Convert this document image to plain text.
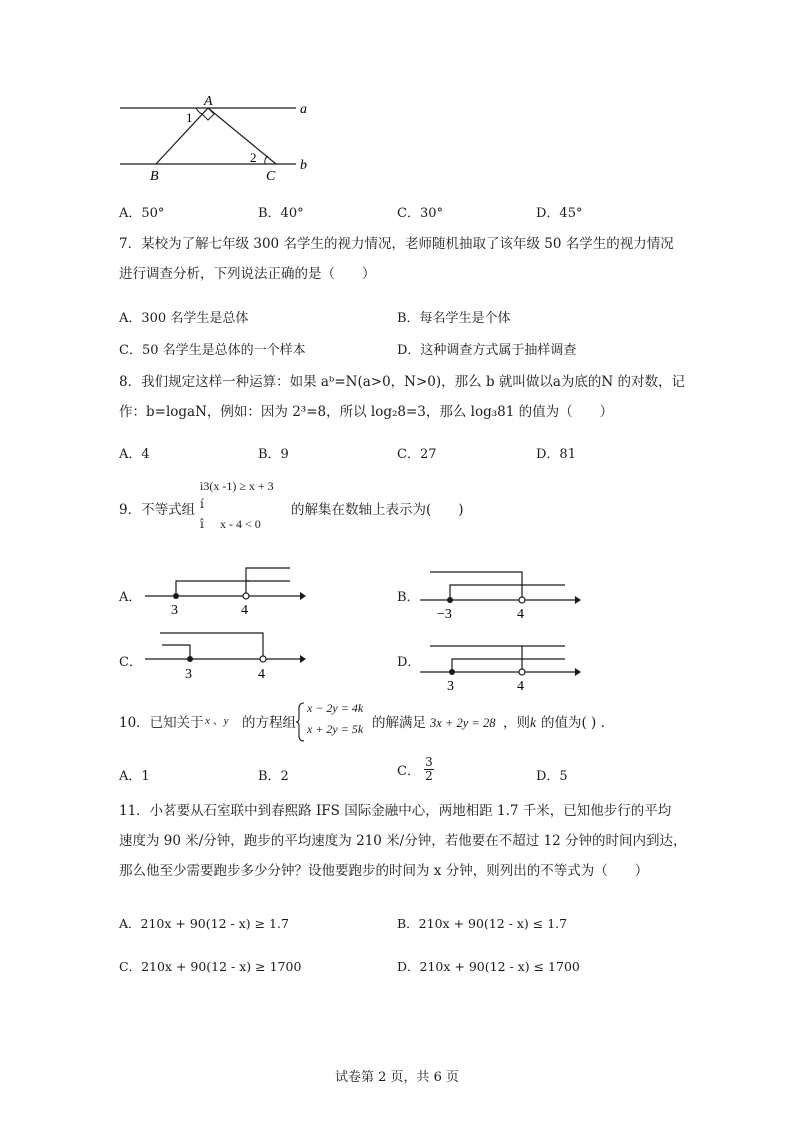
A
B	C
a
b
1
2
A．50°	B．40°	C．30°	D．45°
7．某校为了解七年级 300 名学生的视力情况，老师随机抽取了该年级 50 名学生的视力情况
进行调查分析，下列说法正确的是（　　）
A．300 名学生是总体	B．每名学生是个体
C．50 名学生是总体的一个样本	D．这种调查方式属于抽样调查
8．我们规定这样一种运算：如果 aᵇ=N(a>0，N>0)，那么 b 就叫做以a为底的N 的对数，记
作：b=logaN，例如：因为 2³=8，所以 log₂8=3，那么 log₃81 的值为（　　）
A．4	B．9	C．27	D．81
ì3(x -1) ≥ x + 3
9．不等式组 í	的解集在数轴上表示为(　　)
î x - 4 < 0
A．
3	4
B．
−3	4
C．
3	4
D．
3	4
10．已知关于 x 、y 的方程组
x − 2y = 4k
x + 2y = 5k 的解满足 3x + 2y = 28 ，则 k 的值为( ) .
A．1	B．2	C． $\frac{3}{2}$	D．5
11．小茗要从石室联中到春熙路 IFS 国际金融中心，两地相距 1.7 千米，已知他步行的平均
速度为 90 米/分钟，跑步的平均速度为 210 米/分钟，若他要在不超过 12 分钟的时间内到达，
那么他至少需要跑步多少分钟？设他要跑步的时间为 x 分钟，则列出的不等式为（　　）
A．210x + 90(12 - x) ≥ 1.7	B．210x + 90(12 - x) ≤ 1.7
C．210x + 90(12 - x) ≥ 1700	D．210x + 90(12 - x) ≤ 1700
试卷第 2 页，共 6 页
